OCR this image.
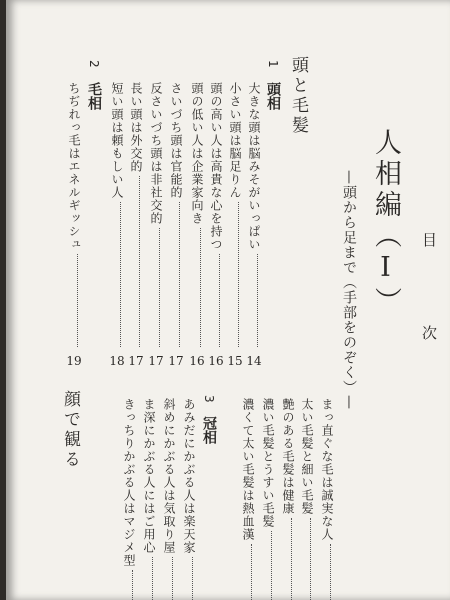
目
次
人相編（Ⅰ）
—頭から足まで（手部をのぞく）—
頭と毛髪
1
頭相
大きな頭は脳みそがいっぱい
14
小さい頭は脳足りん
15
頭の高い人は高貴な心を持つ
16
頭の低い人は企業家向き
16
さいづち頭は官能的
17
反さいづち頭は非社交的
17
長い頭は外交的
17
短い頭は頼もしい人
18
ちぢれっ毛はエネルギッシュ
19
2
毛相
3
冠相	まっ直ぐな毛は誠実な人
太い毛髪と細い毛髪
艶のある毛髪は健康
濃い毛髪とうすい毛髪
濃くて太い毛髪は熱血漢
あみだにかぶる人は楽天家
斜めにかぶる人は気取り屋
ま深にかぶる人にはご用心
きっちりかぶる人はマジメ型
顔で観る
